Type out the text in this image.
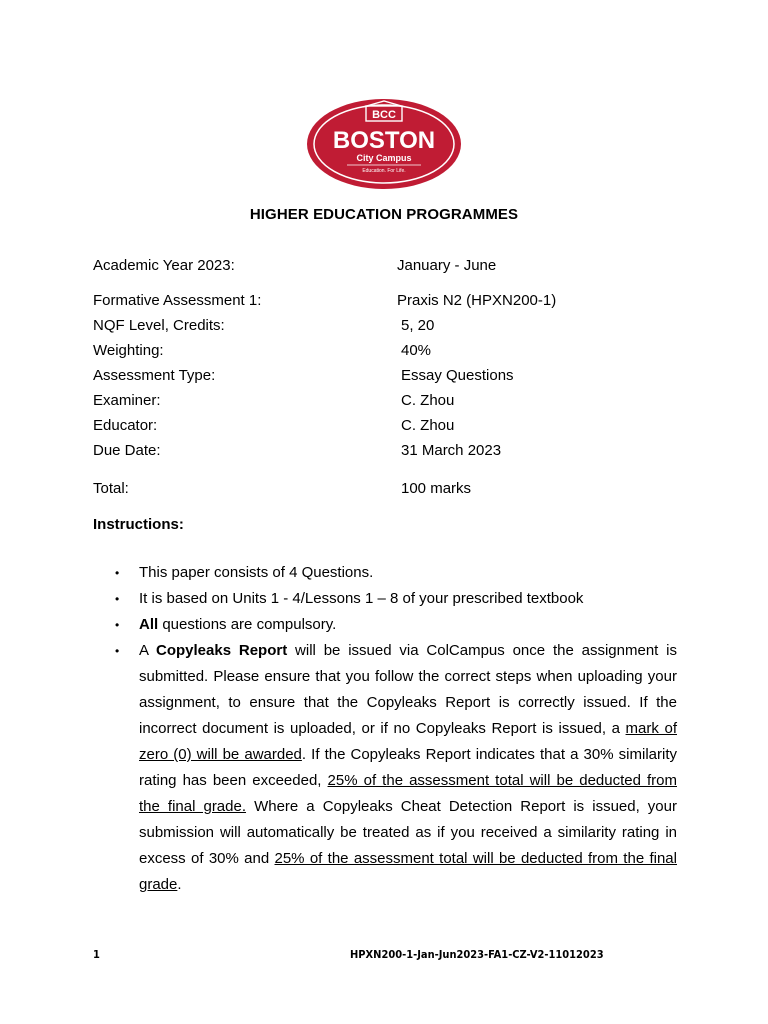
BCC
BOSTON
City Campus
Education. For Life.
HIGHER EDUCATION PROGRAMMES
Academic Year 2023:	January - June
Formative Assessment 1:	Praxis N2 (HPXN200-1)
NQF Level, Credits:	5, 20
Weighting:	40%
Assessment Type:	Essay Questions
Examiner:	C. Zhou
Educator:	C. Zhou
Due Date:	31 March 2023
Total:	100 marks
Instructions:
• This paper consists of 4 Questions.
• It is based on Units 1 - 4/Lessons 1 – 8 of your prescribed textbook
• All questions are compulsory.
• A Copyleaks Report will be issued via ColCampus once the assignment is submitted. Please ensure that you follow the correct steps when uploading your assignment, to ensure that the Copyleaks Report is correctly issued. If the incorrect document is uploaded, or if no Copyleaks Report is issued, a mark of zero (0) will be awarded. If the Copyleaks Report indicates that a 30% similarity rating has been exceeded, 25% of the assessment total will be deducted from the final grade. Where a Copyleaks Cheat Detection Report is issued, your submission will automatically be treated as if you received a similarity rating in excess of 30% and 25% of the assessment total will be deducted from the final grade.
1	HPXN200-1-Jan-Jun2023-FA1-CZ-V2-11012023
